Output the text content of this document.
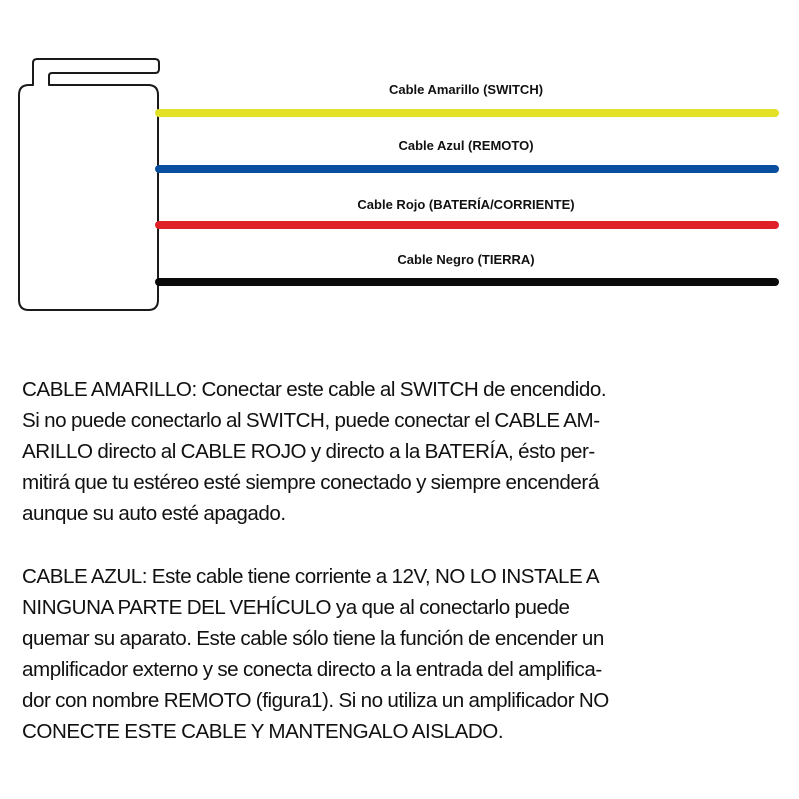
Cable Amarillo (SWITCH)
Cable Azul (REMOTO)
Cable Rojo (BATERÍA/CORRIENTE)
Cable Negro (TIERRA)
CABLE AMARILLO: Conectar este cable al SWITCH de encendido.
Si no puede conectarlo al SWITCH, puede conectar el CABLE AM-
ARILLO directo al CABLE ROJO y directo a la BATERÍA, ésto per-
mitirá que tu estéreo esté siempre conectado y siempre encenderá
aunque su auto esté apagado.
CABLE AZUL: Este cable tiene corriente a 12V, NO LO INSTALE A
NINGUNA PARTE DEL VEHÍCULO ya que al conectarlo puede
quemar su aparato. Este cable sólo tiene la función de encender un
amplificador externo y se conecta directo a la entrada del amplifica-
dor con nombre REMOTO (figura1). Si no utiliza un amplificador NO
CONECTE ESTE CABLE Y MANTENGALO AISLADO.
